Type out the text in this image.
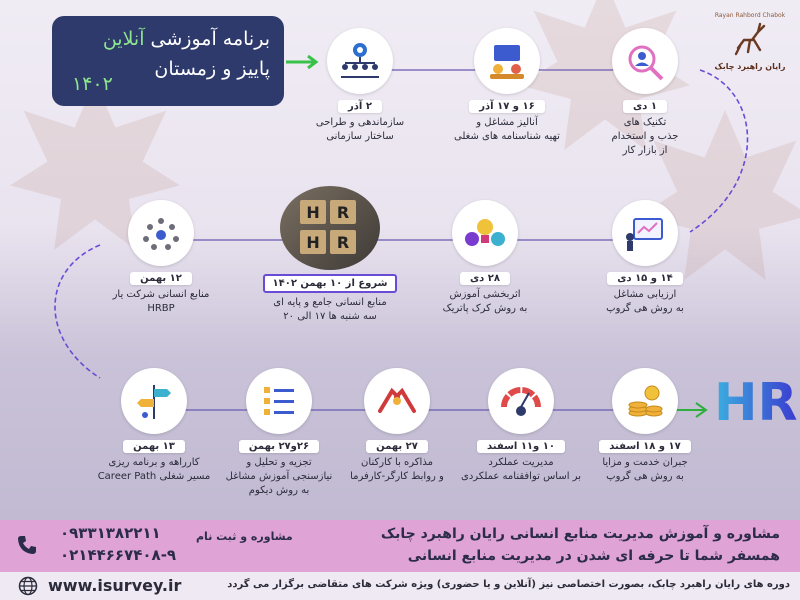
برنامه آموزشی آنلاین
پاییز و زمستان
۱۴۰۲
Rayan Rahbord Chabok
رایان راهبرد چابک
۲ آذر
سازماندهی و طراحی
ساختار سازمانی
۱۶ و ۱۷ آذر
آنالیز مشاغل و
تهیه شناسنامه های شغلی
۱ دی
تکنیک های
جذب و استخدام
از بازار کار
۱۴ و ۱۵ دی
ارزیابی مشاغل
به روش هی گروپ
۲۸ دی
اثربخشی آموزش
به روش کرک پاتریک
H	R
H	R
شروع از ۱۰ بهمن ۱۴۰۲
منابع انسانی جامع و پایه ای
سه شنبه ها ۱۷ الی ۲۰
۱۲ بهمن
منابع انسانی شرکت یار
HRBP
۱۳ بهمن
کارراهه و برنامه ریزی
مسیر شغلی Career Path
۲۶و۲۷ بهمن
تجزیه و تحلیل و
نیازسنجی آموزش مشاغل
به روش دیکوم
۲۷ بهمن
مذاکره با کارکنان
و روابط کارگر-کارفرما
۱۰ و۱۱ اسفند
مدیریت عملکرد
بر اساس توافقنامه عملکردی
۱۷ و ۱۸ اسفند
جبران خدمت و مزایا
به روش هی گروپ
HR
مشاوره و آموزش مدیریت منابع انسانی رایان راهبرد چابک
همسفر شما تا حرفه ای شدن در مدیریت منابع انسانی
مشاوره و ثبت نام
۰۹۳۳۱۳۸۲۲۱۱
۰۲۱۴۴۶۶۷۴۰۸-۹
دوره های رایان راهبرد چابک، بصورت اختصاصی نیز (آنلاین و یا حضوری) ویژه شرکت های متقاضی برگزار می گردد
www.isurvey.ir
